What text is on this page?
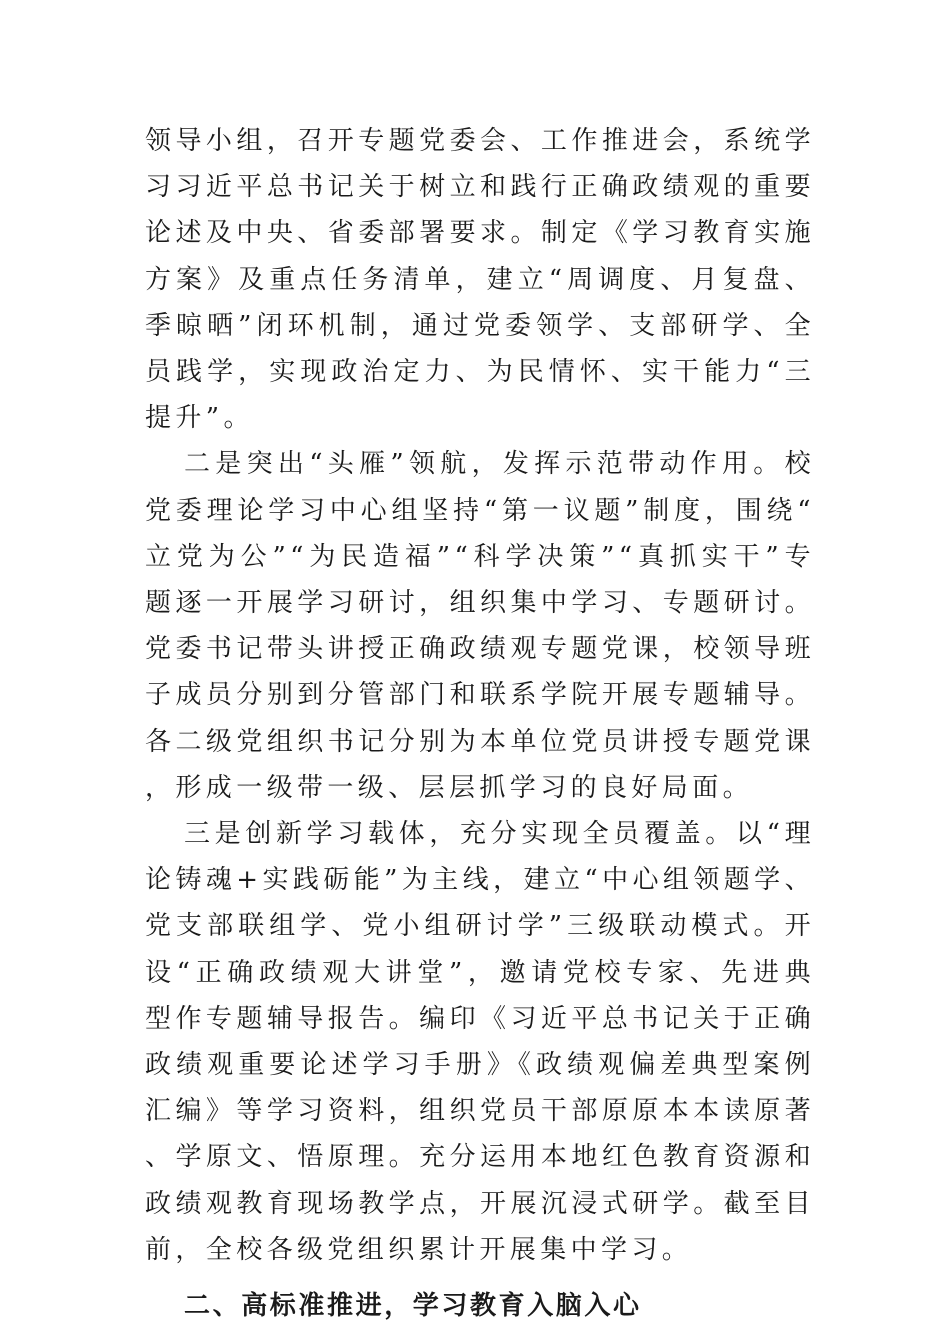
领导小组，召开专题党委会、工作推进会，系统学习习近平总书记关于树立和践行正确政绩观的重要论述及中央、省委部署要求。制定《学习教育实施方案》及重点任务清单，建立“周调度、月复盘、季晾晒”闭环机制，通过党委领学、支部研学、全员践学，实现政治定力、为民情怀、实干能力“三提升”。

二是突出“头雁”领航，发挥示范带动作用。校党委理论学习中心组坚持“第一议题”制度，围绕“立党为公”“为民造福”“科学决策”“真抓实干”专题逐一开展学习研讨，组织集中学习、专题研讨。党委书记带头讲授正确政绩观专题党课，校领导班子成员分别到分管部门和联系学院开展专题辅导。各二级党组织书记分别为本单位党员讲授专题党课，形成一级带一级、层层抓学习的良好局面。

三是创新学习载体，充分实现全员覆盖。以“理论铸魂+实践砺能”为主线，建立“中心组领题学、党支部联组学、党小组研讨学”三级联动模式。开设“正确政绩观大讲堂”，邀请党校专家、先进典型作专题辅导报告。编印《习近平总书记关于正确政绩观重要论述学习手册》《政绩观偏差典型案例汇编》等学习资料，组织党员干部原原本本读原著、学原文、悟原理。充分运用本地红色教育资源和政绩观教育现场教学点，开展沉浸式研学。截至目前，全校各级党组织累计开展集中学习。

二、高标准推进，学习教育入脑入心
